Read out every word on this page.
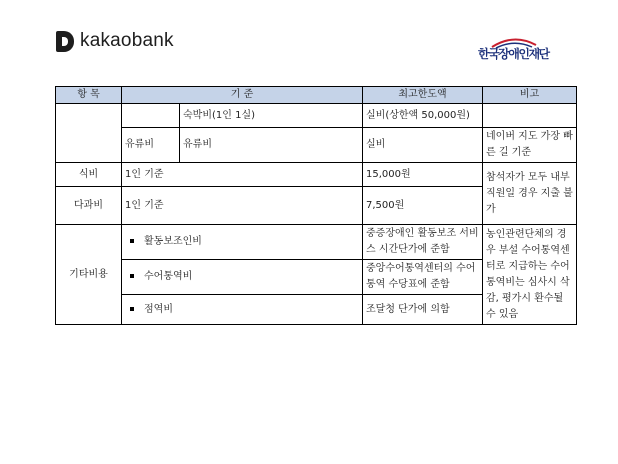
kakaobank
한국장애인재단
항 목	기 준		최고한도액	비고
		숙박비(1인 1실)	실비(상한액 50,000원)	
	유류비	유류비	실비	네이버 지도 가장 빠른 길 기준
식비	1인 기준		15,000원	참석자가 모두 내부직원일 경우 지출 불가
다과비	1인 기준		7,500원	
기타비용	활동보조인비		중증장애인 활동보조 서비스 시간단가에 준함	농인관련단체의 경우 부설 수어통역센터로 지급하는 수어통역비는 심사시 삭감, 평가시 환수될 수 있음
	수어통역비		중앙수어통역센터의 수어통역 수당표에 준함	
	점역비		조달청 단가에 의함	
